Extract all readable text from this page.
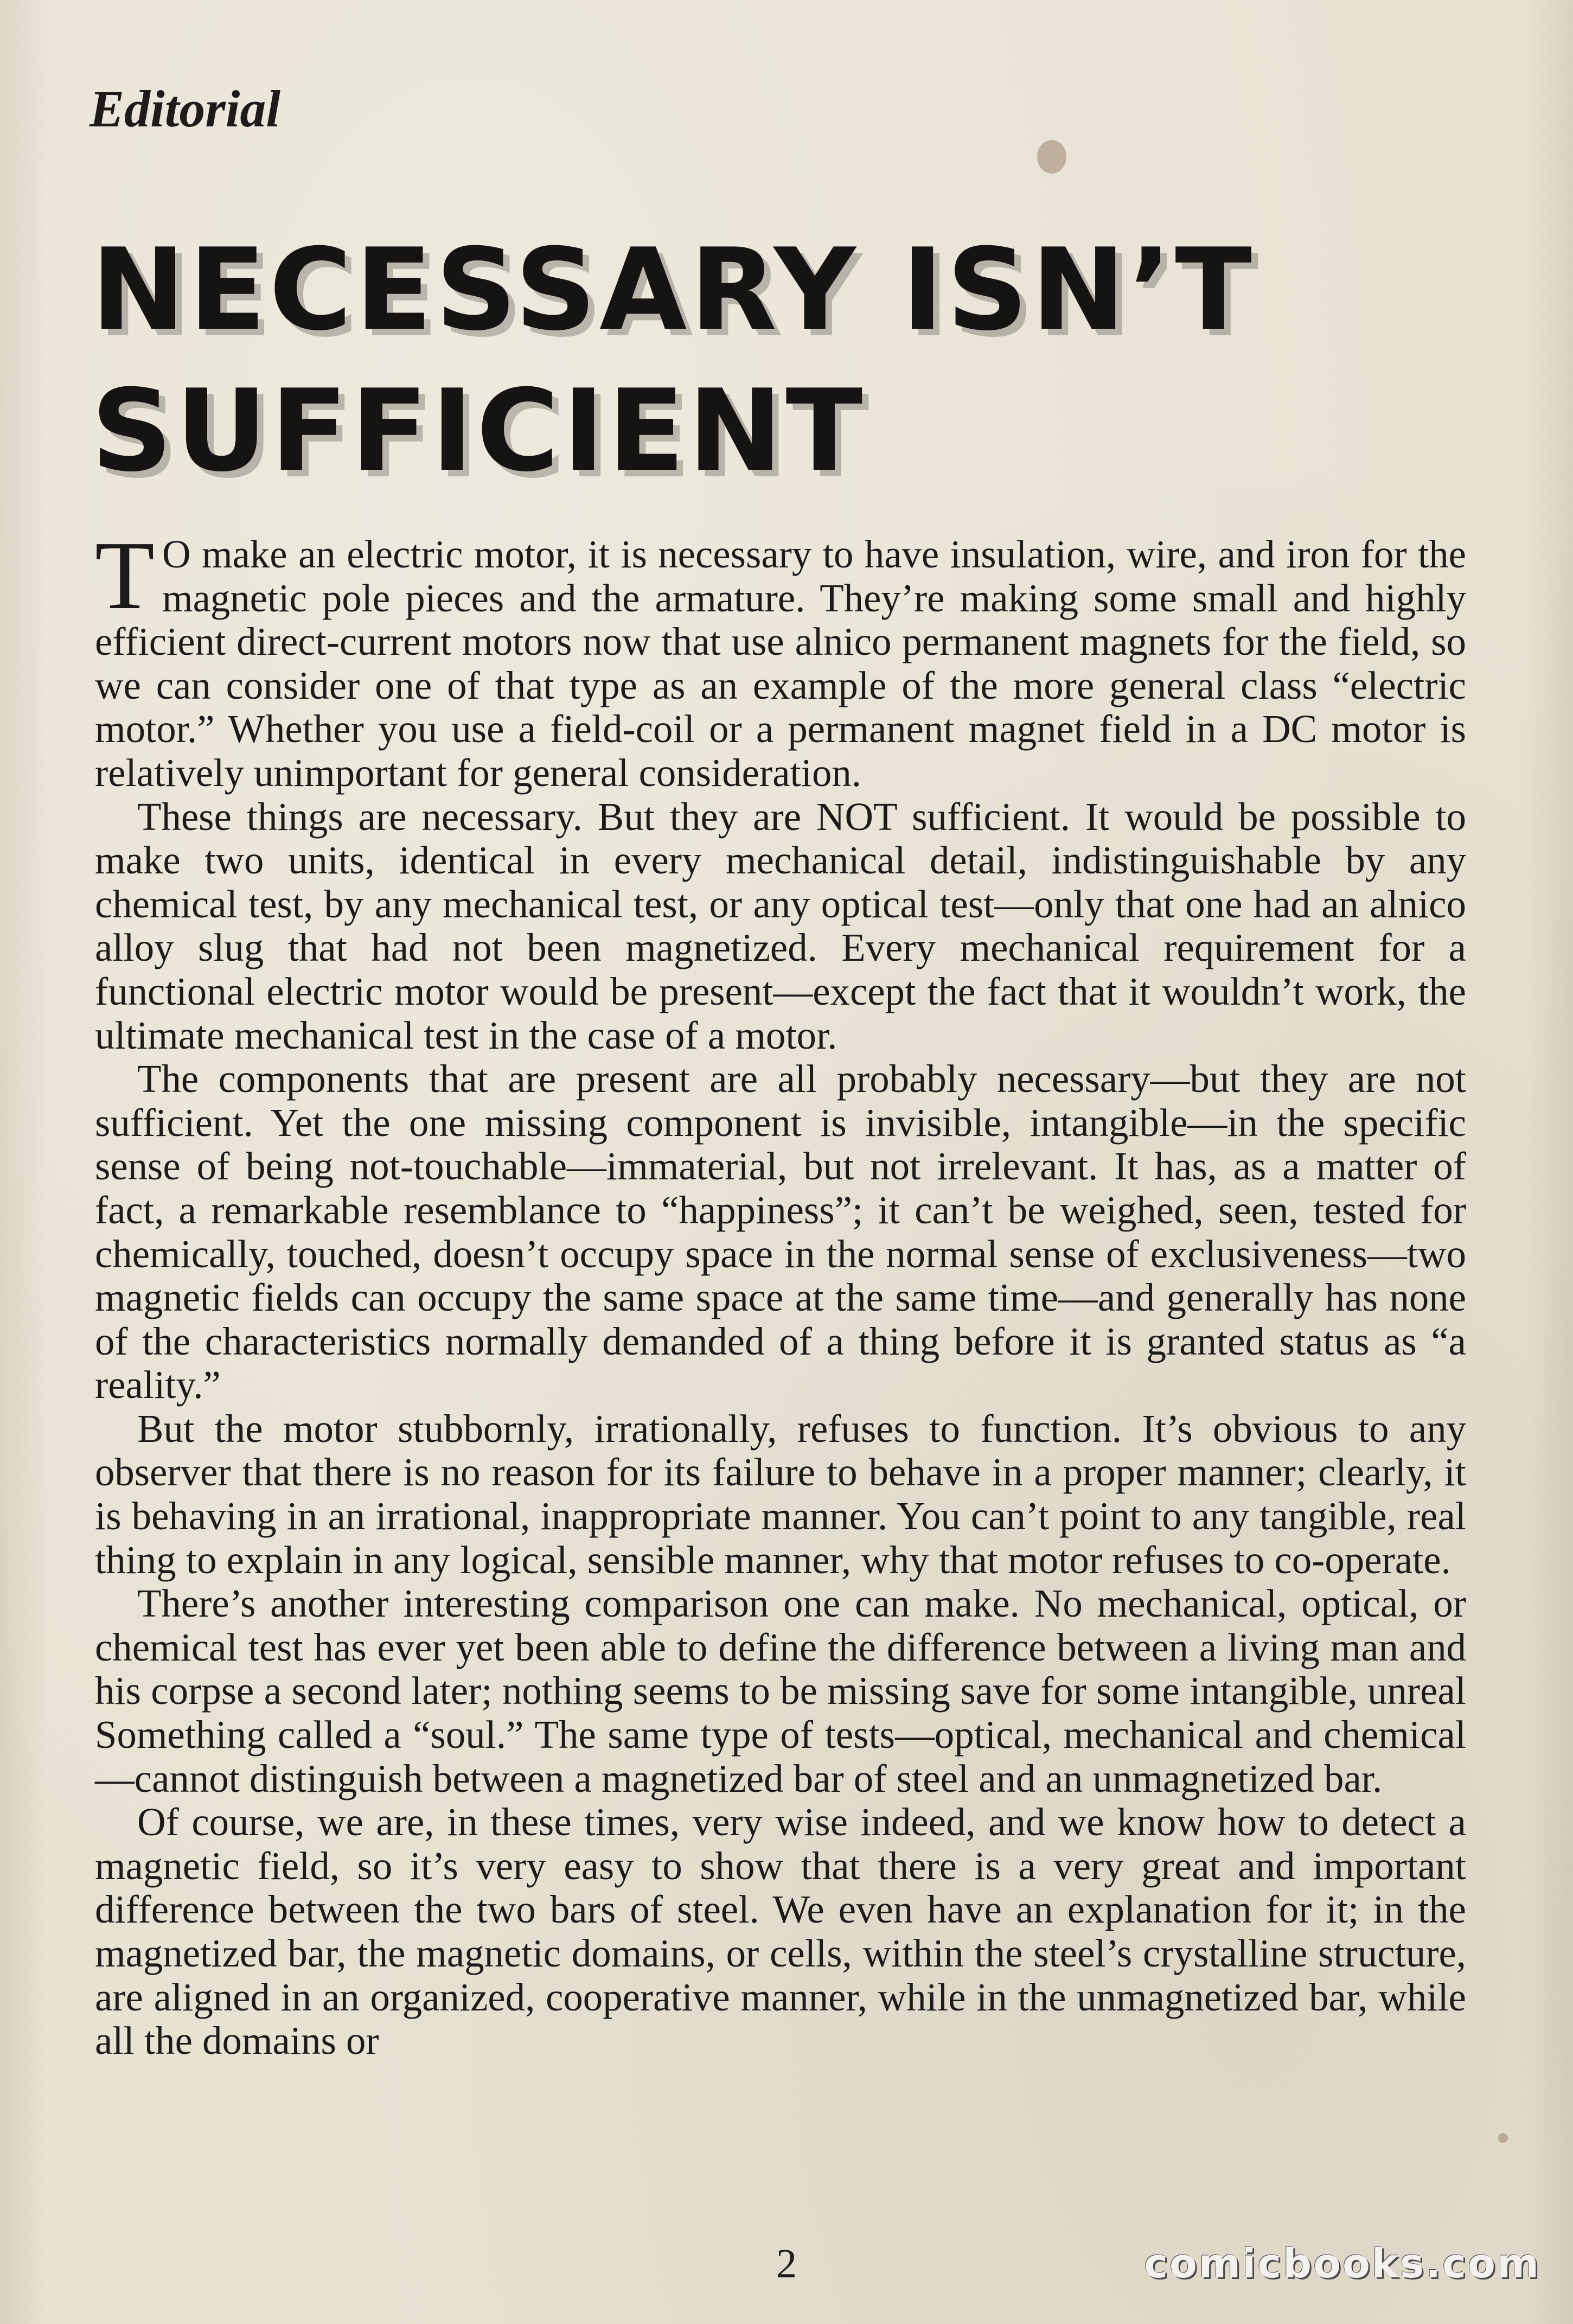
Editorial

NECESSARY ISN’T
SUFFICIENT

T O make an electric motor, it is necessary to have insulation, wire, and iron for the magnetic pole pieces and the armature. They’re making some small and highly efficient direct-current motors now that use alnico permanent magnets for the field, so we can consider one of that type as an example of the more general class “electric motor.” Whether you use a field-coil or a permanent magnet field in a DC motor is relatively unimportant for general consideration.

These things are necessary. But they are NOT sufficient. It would be possible to make two units, identical in every mechanical detail, indistinguishable by any chemical test, by any mechanical test, or any optical test—only that one had an alnico alloy slug that had not been magnetized. Every mechanical requirement for a functional electric motor would be present—except the fact that it wouldn’t work, the ultimate mechanical test in the case of a motor.

The components that are present are all probably necessary—but they are not sufficient. Yet the one missing component is invisible, intangible—in the specific sense of being not-touchable—immaterial, but not irrelevant. It has, as a matter of fact, a remarkable resemblance to “happiness”; it can’t be weighed, seen, tested for chemically, touched, doesn’t occupy space in the normal sense of exclusiveness—two magnetic fields can occupy the same space at the same time—and generally has none of the characteristics normally demanded of a thing before it is granted status as “a reality.”

But the motor stubbornly, irrationally, refuses to function. It’s obvious to any observer that there is no reason for its failure to behave in a proper manner; clearly, it is behaving in an irrational, inappropriate manner. You can’t point to any tangible, real thing to explain in any logical, sensible manner, why that motor refuses to co-operate.

There’s another interesting comparison one can make. No mechanical, optical, or chemical test has ever yet been able to define the difference between a living man and his corpse a second later; nothing seems to be missing save for some intangible, unreal Something called a “soul.” The same type of tests—optical, mechanical and chemical—cannot distinguish between a magnetized bar of steel and an unmagnetized bar.

Of course, we are, in these times, very wise indeed, and we know how to detect a magnetic field, so it’s very easy to show that there is a very great and important difference between the two bars of steel. We even have an explanation for it; in the magnetized bar, the magnetic domains, or cells, within the steel’s crystalline structure, are aligned in an organized, cooperative manner, while in the unmagnetized bar, while all the domains or

2	comicbooks.com
